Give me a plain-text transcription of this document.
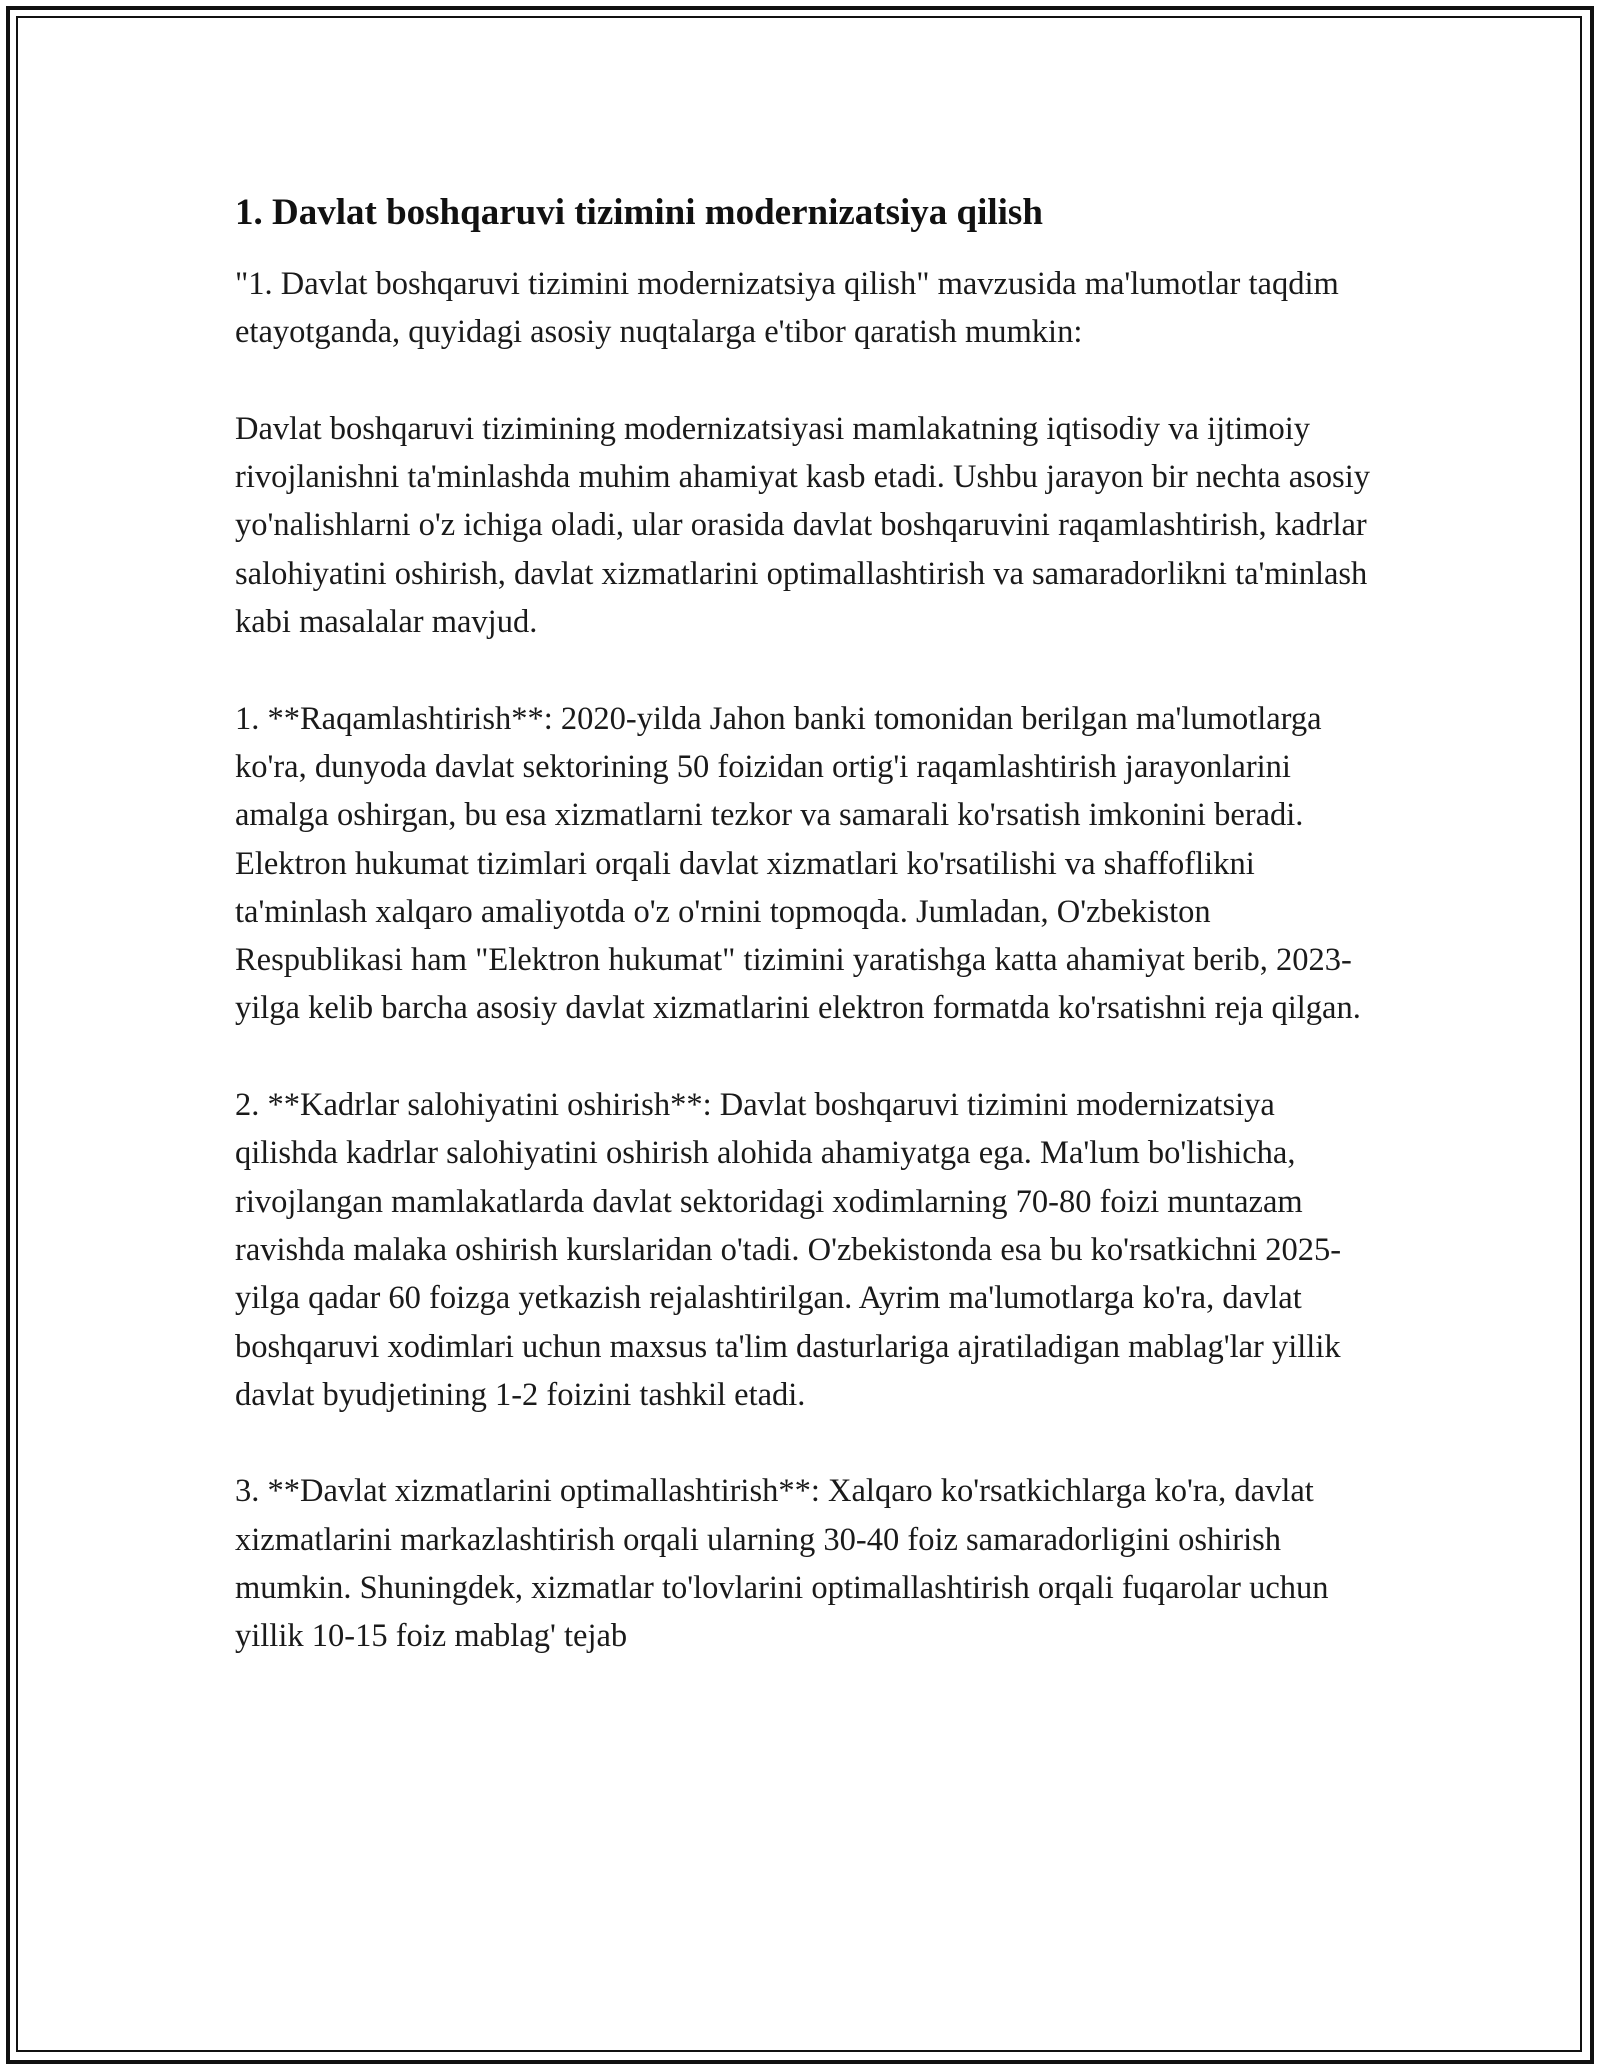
1. Davlat boshqaruvi tizimini modernizatsiya qilish

"1. Davlat boshqaruvi tizimini modernizatsiya qilish" mavzusida ma'lumotlar taqdim etayotganda, quyidagi asosiy nuqtalarga e'tibor qaratish mumkin:

Davlat boshqaruvi tizimining modernizatsiyasi mamlakatning iqtisodiy va ijtimoiy rivojlanishni ta'minlashda muhim ahamiyat kasb etadi. Ushbu jarayon bir nechta asosiy yo'nalishlarni o'z ichiga oladi, ular orasida davlat boshqaruvini raqamlashtirish, kadrlar salohiyatini oshirish, davlat xizmatlarini optimallashtirish va samaradorlikni ta'minlash kabi masalalar mavjud.

1. **Raqamlashtirish**: 2020-yilda Jahon banki tomonidan berilgan ma'lumotlarga ko'ra, dunyoda davlat sektorining 50 foizidan ortig'i raqamlashtirish jarayonlarini amalga oshirgan, bu esa xizmatlarni tezkor va samarali ko'rsatish imkonini beradi. Elektron hukumat tizimlari orqali davlat xizmatlari ko'rsatilishi va shaffoflikni ta'minlash xalqaro amaliyotda o'z o'rnini topmoqda. Jumladan, O'zbekiston Respublikasi ham "Elektron hukumat" tizimini yaratishga katta ahamiyat berib, 2023-yilga kelib barcha asosiy davlat xizmatlarini elektron formatda ko'rsatishni reja qilgan.

2. **Kadrlar salohiyatini oshirish**: Davlat boshqaruvi tizimini modernizatsiya qilishda kadrlar salohiyatini oshirish alohida ahamiyatga ega. Ma'lum bo'lishicha, rivojlangan mamlakatlarda davlat sektoridagi xodimlarning 70-80 foizi muntazam ravishda malaka oshirish kurslaridan o'tadi. O'zbekistonda esa bu ko'rsatkichni 2025-yilga qadar 60 foizga yetkazish rejalashtirilgan. Ayrim ma'lumotlarga ko'ra, davlat boshqaruvi xodimlari uchun maxsus ta'lim dasturlariga ajratiladigan mablag'lar yillik davlat byudjetining 1-2 foizini tashkil etadi.

3. **Davlat xizmatlarini optimallashtirish**: Xalqaro ko'rsatkichlarga ko'ra, davlat xizmatlarini markazlashtirish orqali ularning 30-40 foiz samaradorligini oshirish mumkin. Shuningdek, xizmatlar to'lovlarini optimallashtirish orqali fuqarolar uchun yillik 10-15 foiz mablag' tejab
